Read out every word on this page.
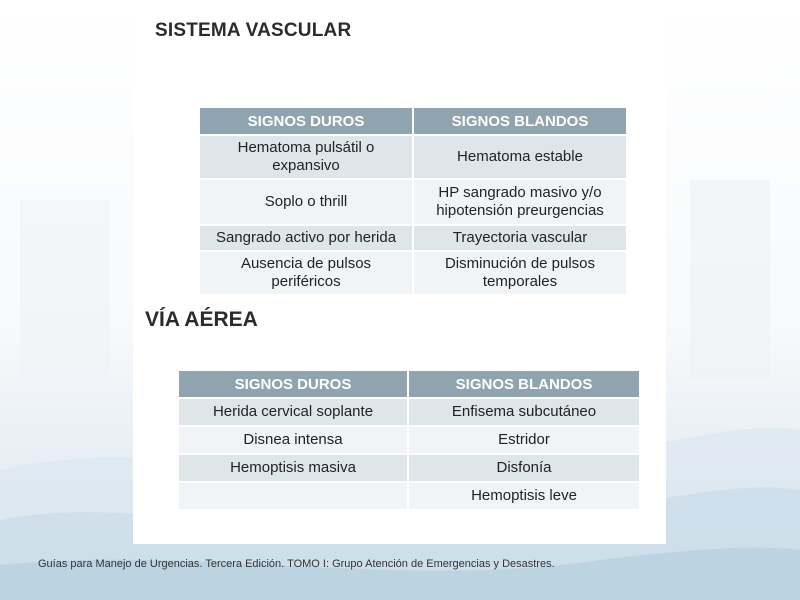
SISTEMA VASCULAR
SIGNOS DUROS	SIGNOS BLANDOS
Hematoma pulsátil o expansivo	Hematoma estable
Soplo o thrill	HP sangrado masivo y/o hipotensión preurgencias
Sangrado activo por herida	Trayectoria vascular
Ausencia de pulsos periféricos	Disminución de pulsos temporales
VÍA AÉREA
SIGNOS DUROS	SIGNOS BLANDOS
Herida cervical soplante	Enfisema subcutáneo
Disnea intensa	Estridor
Hemoptisis masiva	Disfonía
	Hemoptisis leve
Guías para Manejo de Urgencias. Tercera Edición. TOMO I: Grupo Atención de Emergencias y Desastres.
